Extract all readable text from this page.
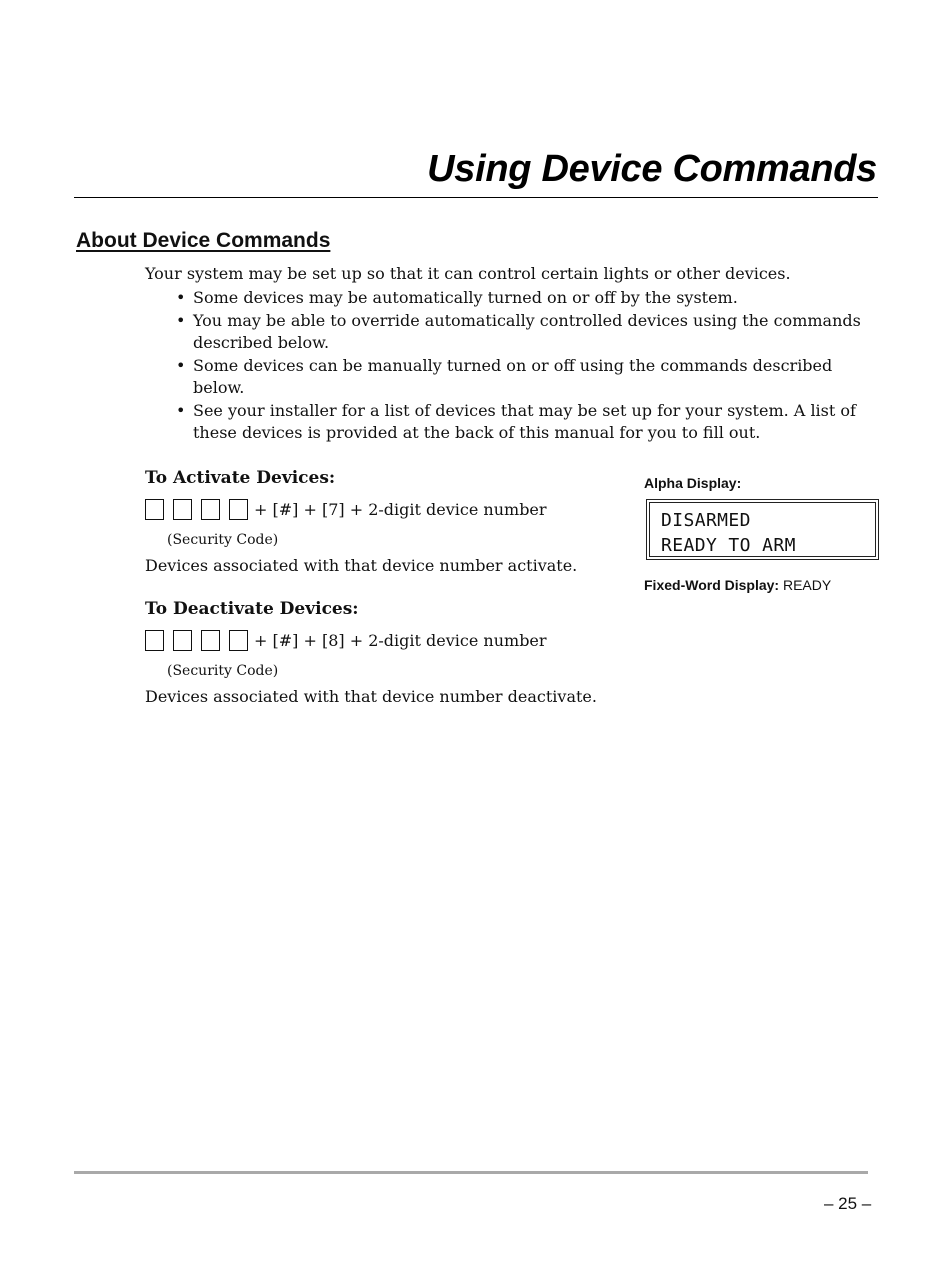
Using Device Commands
About Device Commands

Your system may be set up so that it can control certain lights or other devices.

• Some devices may be automatically turned on or off by the system.
• You may be able to override automatically controlled devices using the commands described below.
• Some devices can be manually turned on or off using the commands described below.
• See your installer for a list of devices that may be set up for your system. A list of these devices is provided at the back of this manual for you to fill out.
To Activate Devices:
+ [#] + [7] + 2-digit device number

(Security Code)

Devices associated with that device number activate.

To Deactivate Devices:
+ [#] + [8] + 2-digit device number

(Security Code)

Devices associated with that device number deactivate.

Alpha Display:
DISARMED
READY TO ARM
Fixed-Word Display: READY
– 25 –
